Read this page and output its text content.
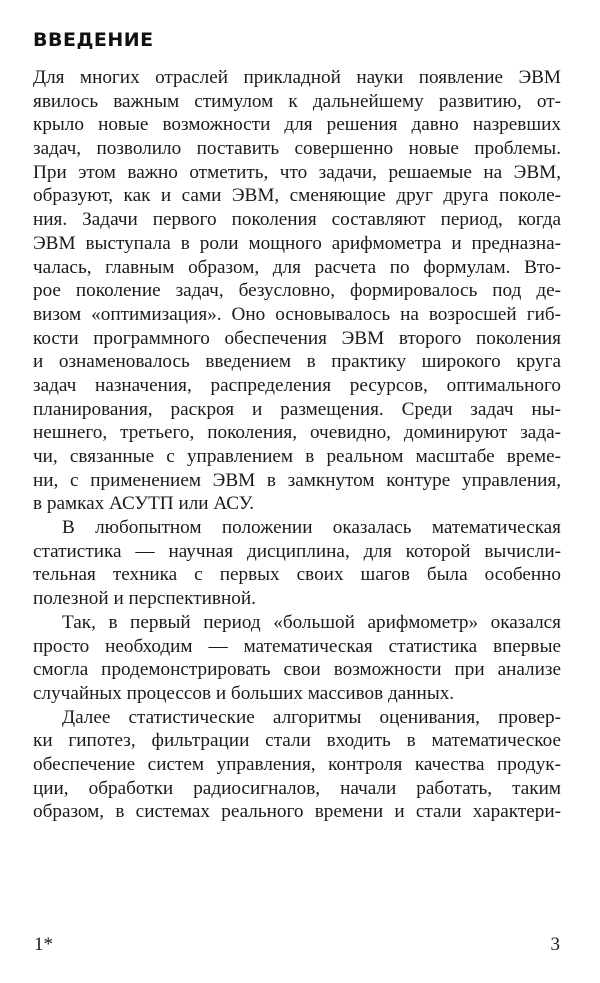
ВВЕДЕНИЕ
Для многих отраслей прикладной науки появление ЭВМ
явилось важным стимулом к дальнейшему развитию, от-
крыло новые возможности для решения давно назревших
задач, позволило поставить совершенно новые проблемы.
При этом важно отметить, что задачи, решаемые на ЭВМ,
образуют, как и сами ЭВМ, сменяющие друг друга поколе-
ния. Задачи первого поколения составляют период, когда
ЭВМ выступала в роли мощного арифмометра и предназна-
чалась, главным образом, для расчета по формулам. Вто-
рое поколение задач, безусловно, формировалось под де-
визом «оптимизация». Оно основывалось на возросшей гиб-
кости программного обеспечения ЭВМ второго поколения
и ознаменовалось введением в практику широкого круга
задач назначения, распределения ресурсов, оптимального
планирования, раскроя и размещения. Среди задач ны-
нешнего, третьего, поколения, очевидно, доминируют зада-
чи, связанные с управлением в реальном масштабе време-
ни, с применением ЭВМ в замкнутом контуре управления,
в рамках АСУТП или АСУ.
В любопытном положении оказалась математическая
статистика — научная дисциплина, для которой вычисли-
тельная техника с первых своих шагов была особенно
полезной и перспективной.
Так, в первый период «большой арифмометр» оказался
просто необходим — математическая статистика впервые
смогла продемонстрировать свои возможности при анализе
случайных процессов и больших массивов данных.
Далее статистические алгоритмы оценивания, провер-
ки гипотез, фильтрации стали входить в математическое
обеспечение систем управления, контроля качества продук-
ции, обработки радиосигналов, начали работать, таким
образом, в системах реального времени и стали характери-
1*	3
